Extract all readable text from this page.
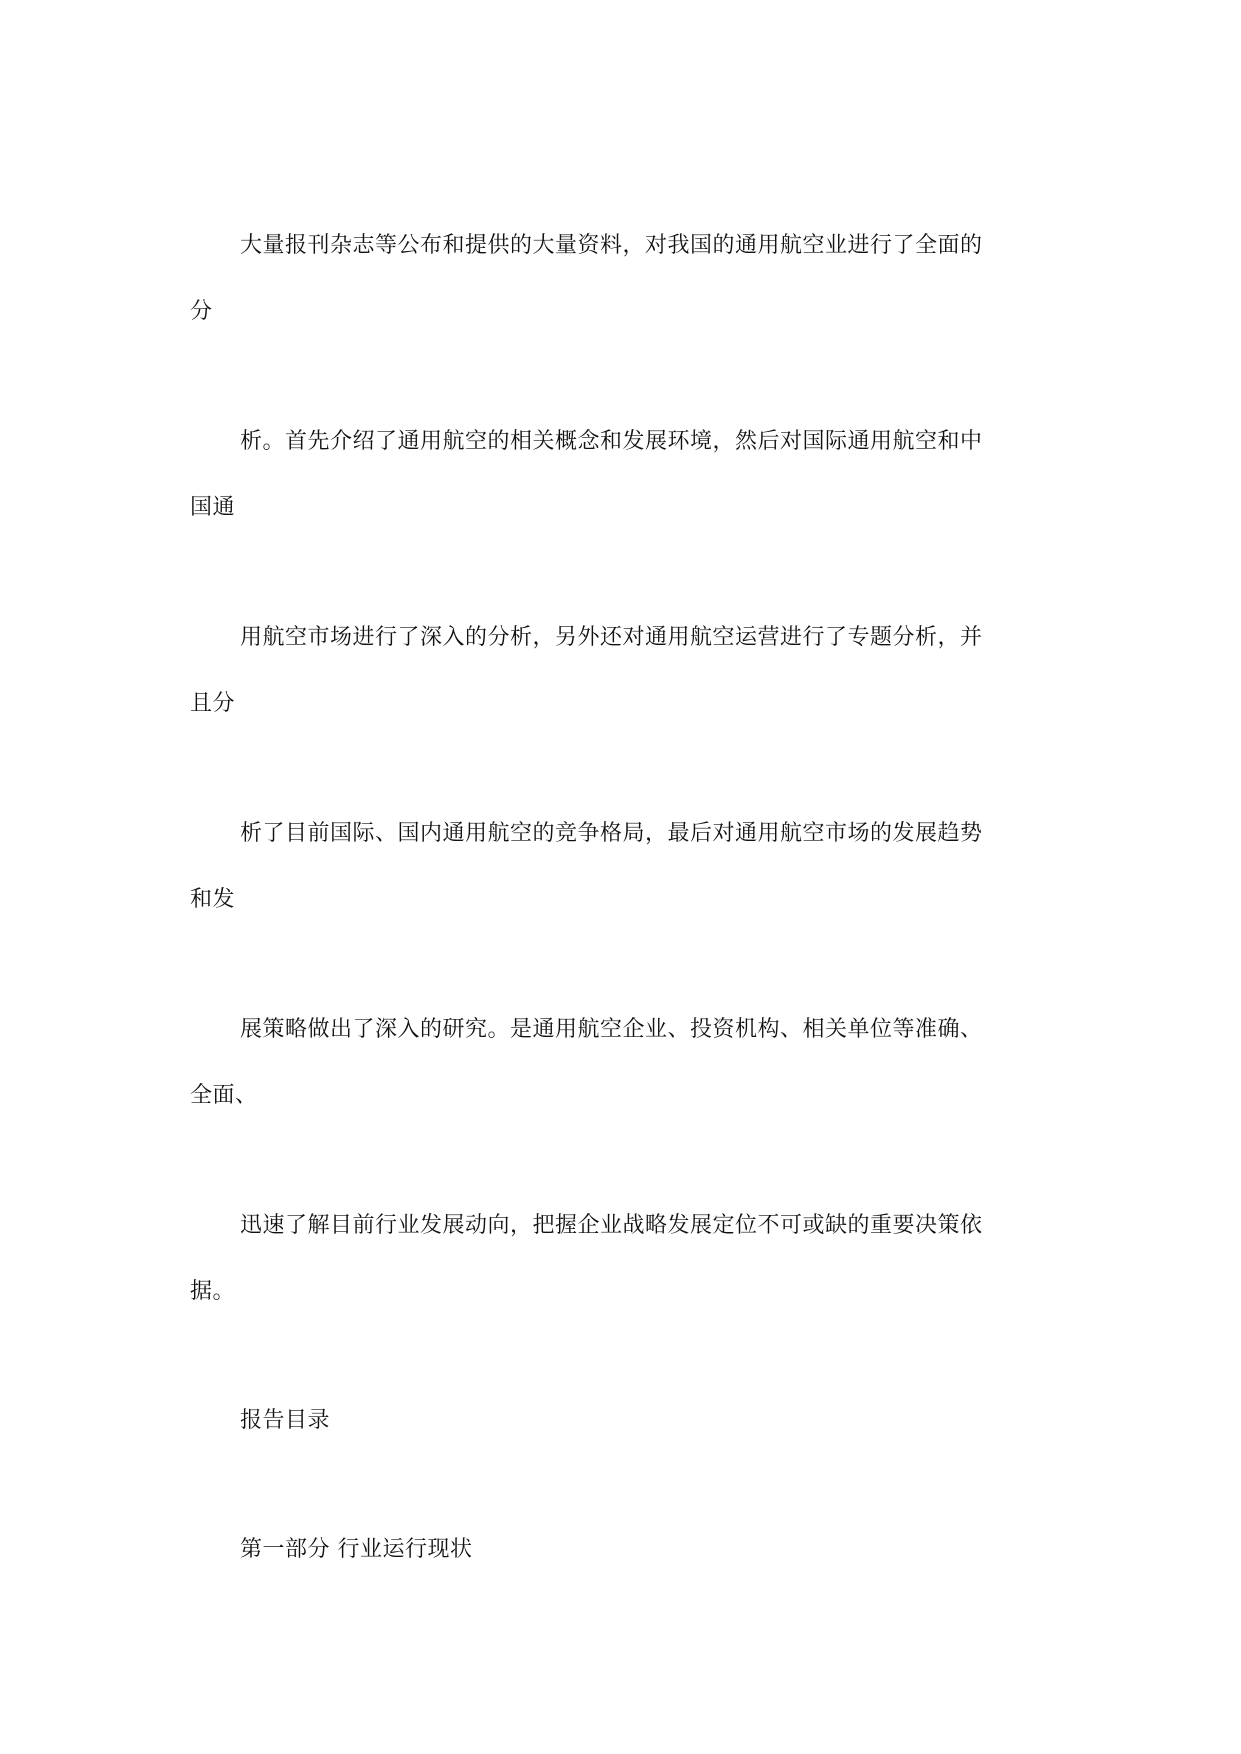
大量报刊杂志等公布和提供的大量资料，对我国的通用航空业进行了全面的
分
析。首先介绍了通用航空的相关概念和发展环境，然后对国际通用航空和中
国通
用航空市场进行了深入的分析，另外还对通用航空运营进行了专题分析，并
且分
析了目前国际、国内通用航空的竞争格局，最后对通用航空市场的发展趋势
和发
展策略做出了深入的研究。是通用航空企业、投资机构、相关单位等准确、
全面、
迅速了解目前行业发展动向，把握企业战略发展定位不可或缺的重要决策依
据。
报告目录
第一部分 行业运行现状
